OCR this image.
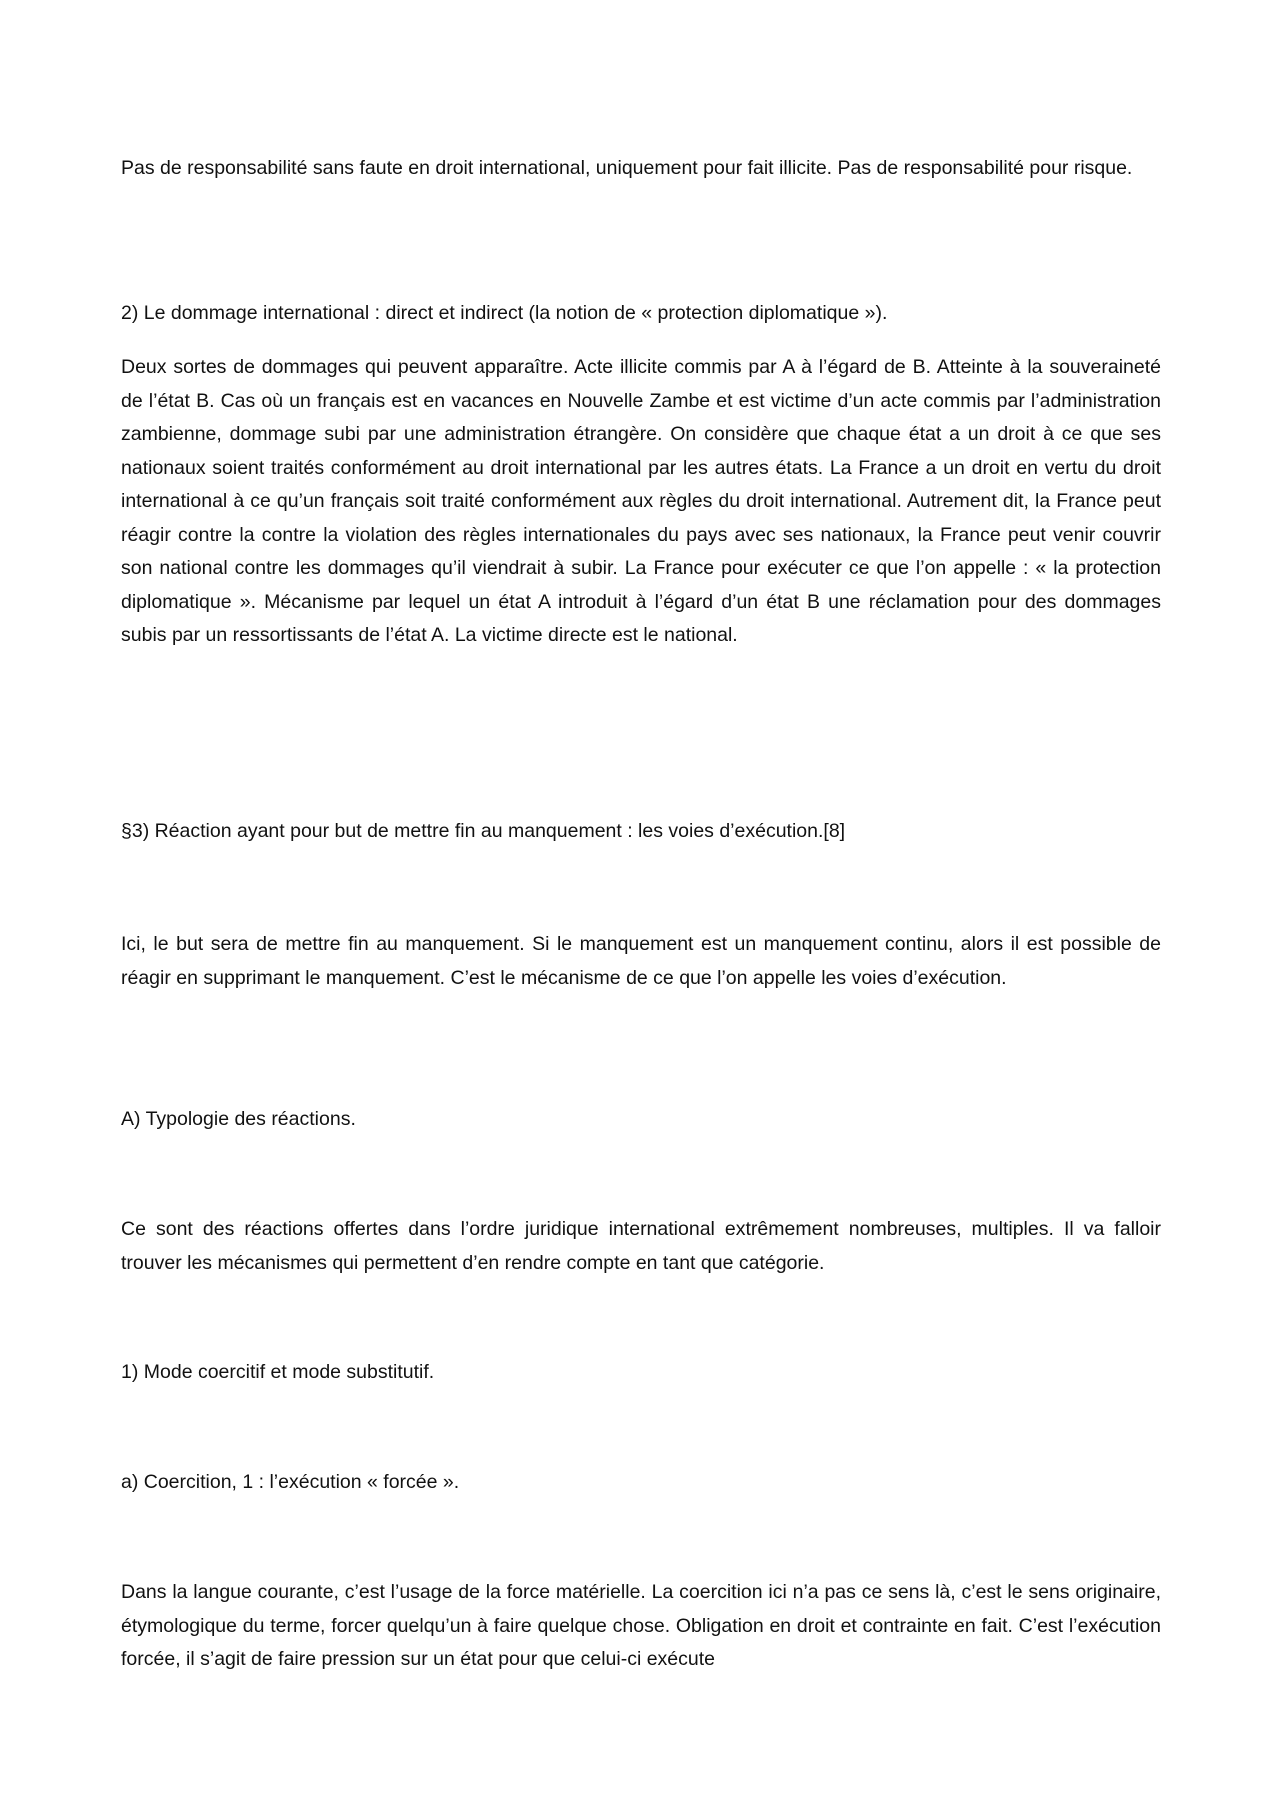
Pas de responsabilité sans faute en droit international, uniquement pour fait illicite. Pas de responsabilité pour risque.

2) Le dommage international : direct et indirect (la notion de « protection diplomatique »).

Deux sortes de dommages qui peuvent apparaître. Acte illicite commis par A à l’égard de B. Atteinte à la souveraineté de l’état B. Cas où un français est en vacances en Nouvelle Zambe et est victime d’un acte commis par l’administration zambienne, dommage subi par une administration étrangère. On considère que chaque état a un droit à ce que ses nationaux soient traités conformément au droit international par les autres états. La France a un droit en vertu du droit international à ce qu’un français soit traité conformément aux règles du droit international. Autrement dit, la France peut réagir contre la contre la violation des règles internationales du pays avec ses nationaux, la France peut venir couvrir son national contre les dommages qu’il viendrait à subir. La France pour exécuter ce que l’on appelle : « la protection diplomatique ». Mécanisme par lequel un état A introduit à l’égard d’un état B une réclamation pour des dommages subis par un ressortissants de l’état A. La victime directe est le national.

§3) Réaction ayant pour but de mettre fin au manquement : les voies d’exécution.[8]

Ici, le but sera de mettre fin au manquement. Si le manquement est un manquement continu, alors il est possible de réagir en supprimant le manquement. C’est le mécanisme de ce que l’on appelle les voies d’exécution.

A) Typologie des réactions.

Ce sont des réactions offertes dans l’ordre juridique international extrêmement nombreuses, multiples. Il va falloir trouver les mécanismes qui permettent d’en rendre compte en tant que catégorie.

1) Mode coercitif et mode substitutif.

a) Coercition, 1 : l’exécution « forcée ».

Dans la langue courante, c’est l’usage de la force matérielle. La coercition ici n’a pas ce sens là, c’est le sens originaire, étymologique du terme, forcer quelqu’un à faire quelque chose. Obligation en droit et contrainte en fait. C’est l’exécution forcée, il s’agit de faire pression sur un état pour que celui-ci exécute
